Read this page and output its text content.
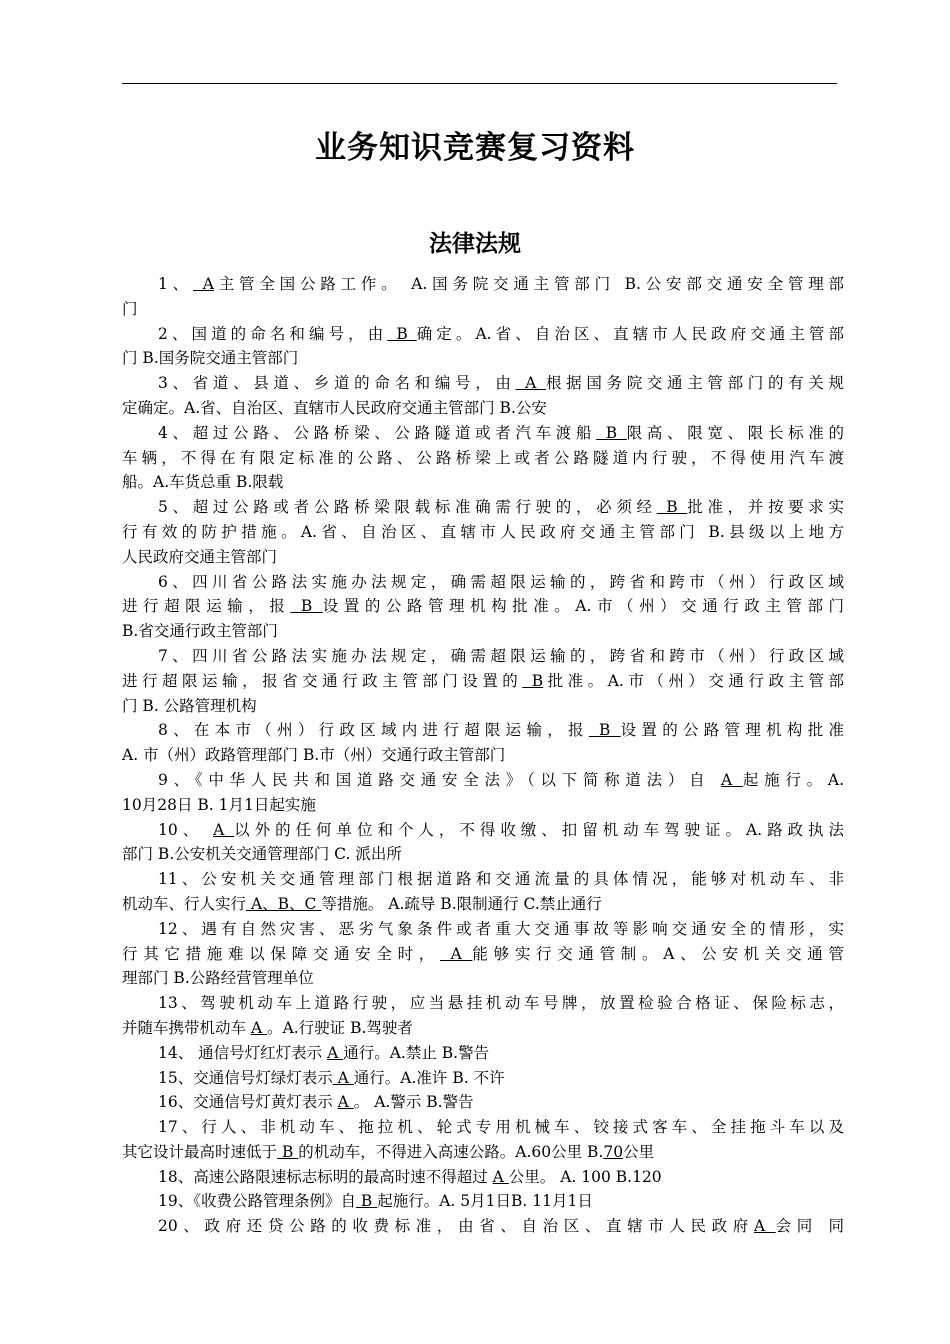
业务知识竞赛复习资料
法律法规
1、 A主管全国公路工作。 A.国务院交通主管部门 B.公安部交通安全管理部
门
2、国道的命名和编号，由 B 确定。A.省、自治区、直辖市人民政府交通主管部
门 B.国务院交通主管部门
3、省道、县道、乡道的命名和编号，由 A 根据国务院交通主管部门的有关规
定确定。A.省、自治区、直辖市人民政府交通主管部门 B.公安
4、超过公路、公路桥梁、公路隧道或者汽车渡船 B 限高、限宽、限长标准的
车辆，不得在有限定标准的公路、公路桥梁上或者公路隧道内行驶，不得使用汽车渡
船。A.车货总重 B.限载
5、超过公路或者公路桥梁限载标准确需行驶的，必须经 B 批准，并按要求实
行有效的防护措施。A.省、自治区、直辖市人民政府交通主管部门 B.县级以上地方
人民政府交通主管部门
6、四川省公路法实施办法规定，确需超限运输的，跨省和跨市（州）行政区域
进行超限运输，报 B 设置的公路管理机构批准。A.市（州）交通行政主管部门
B.省交通行政主管部门
7、四川省公路法实施办法规定，确需超限运输的，跨省和跨市（州）行政区域
进行超限运输，报省交通行政主管部门设置的 B批准。A.市（州）交通行政主管部
门 B. 公路管理机构
8、在本市（州）行政区域内进行超限运输，报 B 设置的公路管理机构批准
A. 市（州）政路管理部门 B.市（州）交通行政主管部门
9、《中华人民共和国道路交通安全法》（以下简称道法）自 A 起施行。A.
10月28日 B. 1月1日起实施
10、 A 以外的任何单位和个人，不得收缴、扣留机动车驾驶证。A.路政执法
部门 B.公安机关交通管理部门 C. 派出所
11、公安机关交通管理部门根据道路和交通流量的具体情况，能够对机动车、非
机动车、行人实行 A、B、C 等措施。 A.疏导 B.限制通行 C.禁止通行
12、遇有自然灾害、恶劣气象条件或者重大交通事故等影响交通安全的情形，实
行其它措施难以保障交通安全时， A 能够实行交通管制。A、公安机关交通管
理部门 B.公路经营管理单位
13、驾驶机动车上道路行驶，应当悬挂机动车号牌，放置检验合格证、保险标志，
并随车携带机动车 A 。A.行驶证 B.驾驶者
14、 通信号灯红灯表示 A 通行。A.禁止 B.警告
15、交通信号灯绿灯表示 A 通行。A.准许 B. 不许
16、交通信号灯黄灯表示 A 。 A.警示 B.警告
17、行人、非机动车、拖拉机、轮式专用机械车、铰接式客车、全挂拖斗车以及
其它设计最高时速低于 B 的机动车，不得进入高速公路。A.60公里 B.70公里
18、高速公路限速标志标明的最高时速不得超过 A 公里。 A. 100 B.120
19、《收费公路管理条例》自 B 起施行。A. 5月1日B. 11月1日
20、政府还贷公路的收费标准，由省、自治区、直辖市人民政府A 会同 同
